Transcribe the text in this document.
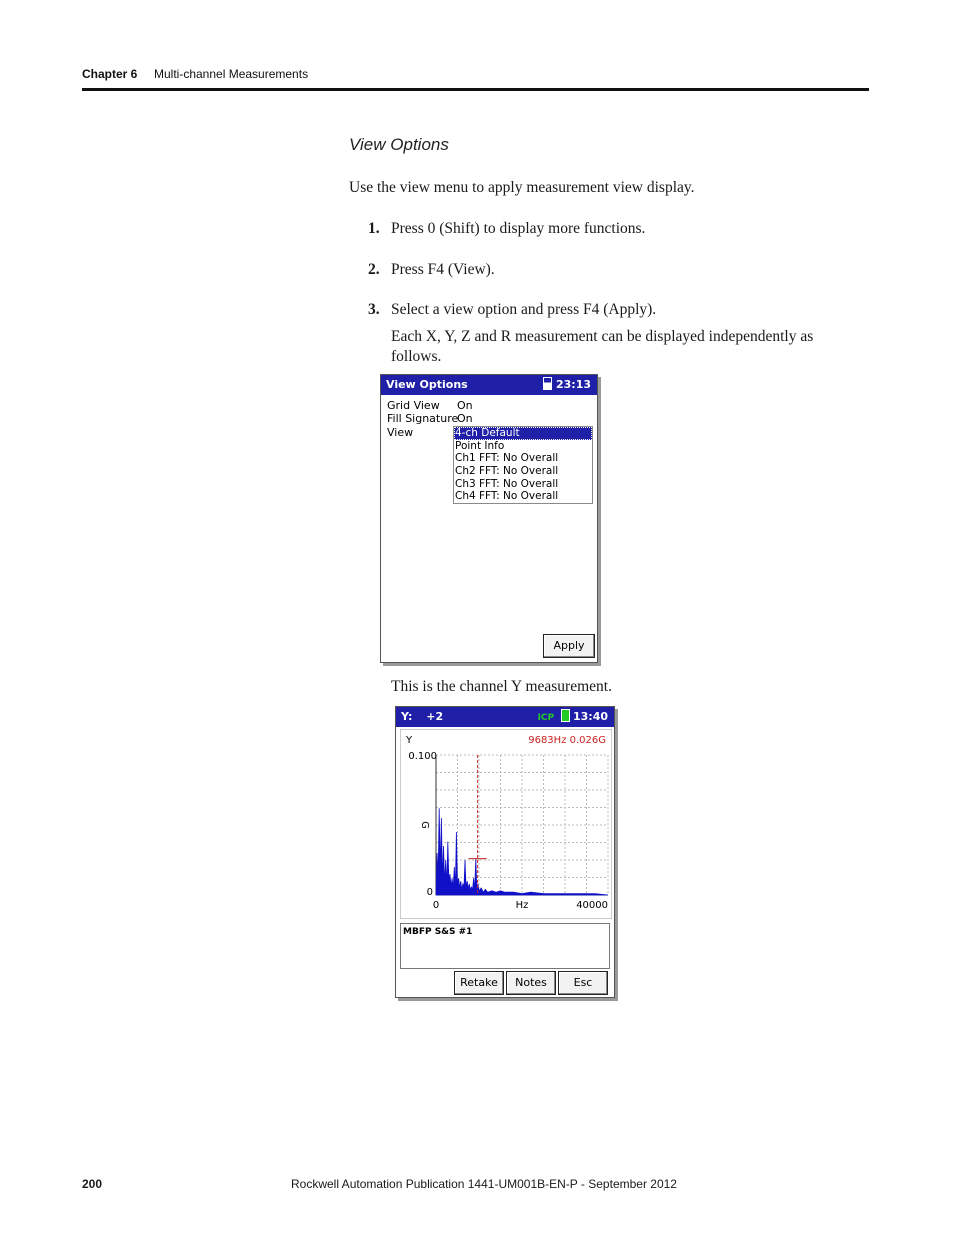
Chapter 6 Multi-channel Measurements
View Options
Use the view menu to apply measurement view display.
1. Press 0 (Shift) to display more functions.
2. Press F4 (View).
3. Select a view option and press F4 (Apply).
Each X, Y, Z and R measurement can be displayed independently as follows.
View Options	23:13
Grid View On
Fill Signature
On
View	4-ch Default
Point Info
Ch1 FFT: No Overall
Ch2 FFT: No Overall
Ch3 FFT: No Overall
Ch4 FFT: No Overall
Apply
This is the channel Y measurement.
Y: +2	ICP 13:40
Y	9683Hz 0.026G
0.100
0
G
0	Hz	40000
MBFP S&S #1
Retake	Notes	Esc
200	Rockwell Automation Publication 1441-UM001B-EN-P - September 2012
